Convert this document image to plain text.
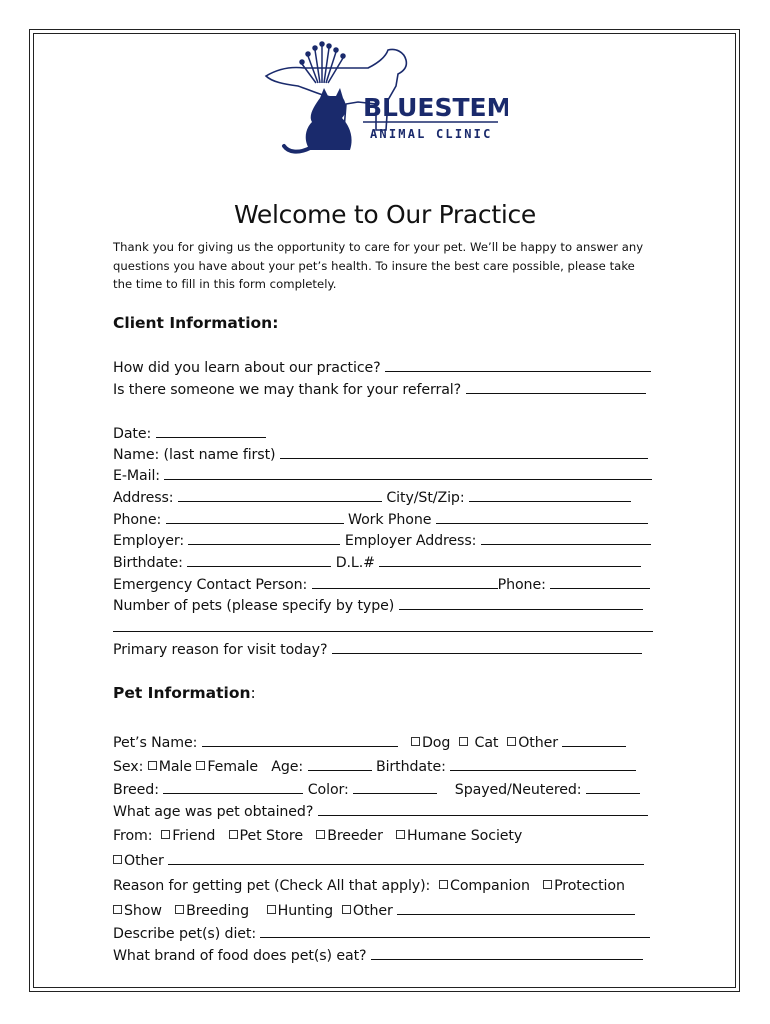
BLUESTEM
ANIMAL CLINIC
Welcome to Our Practice
Thank you for giving us the opportunity to care for your pet. We’ll be happy to answer any
questions you have about your pet’s health. To insure the best care possible, please take
the time to fill in this form completely.
Client Information:
How did you learn about our practice?
Is there someone we may thank for your referral?
Date:
Name: (last name first)
E-Mail:
Address:	City/St/Zip:
Phone:	Work Phone
Employer:	Employer Address:
Birthdate:	D.L.#
Emergency Contact Person:	Phone:
Number of pets (please specify by type)
Primary reason for visit today?
Pet Information:
Pet’s Name:	Dog Cat Other
Sex: Male Female Age:	Birthdate:
Breed:	Color:	Spayed/Neutered:
What age was pet obtained?
From: Friend Pet Store Breeder Humane Society
Other
Reason for getting pet (Check All that apply): Companion Protection
Show Breeding Hunting Other
Describe pet(s) diet:
What brand of food does pet(s) eat?
